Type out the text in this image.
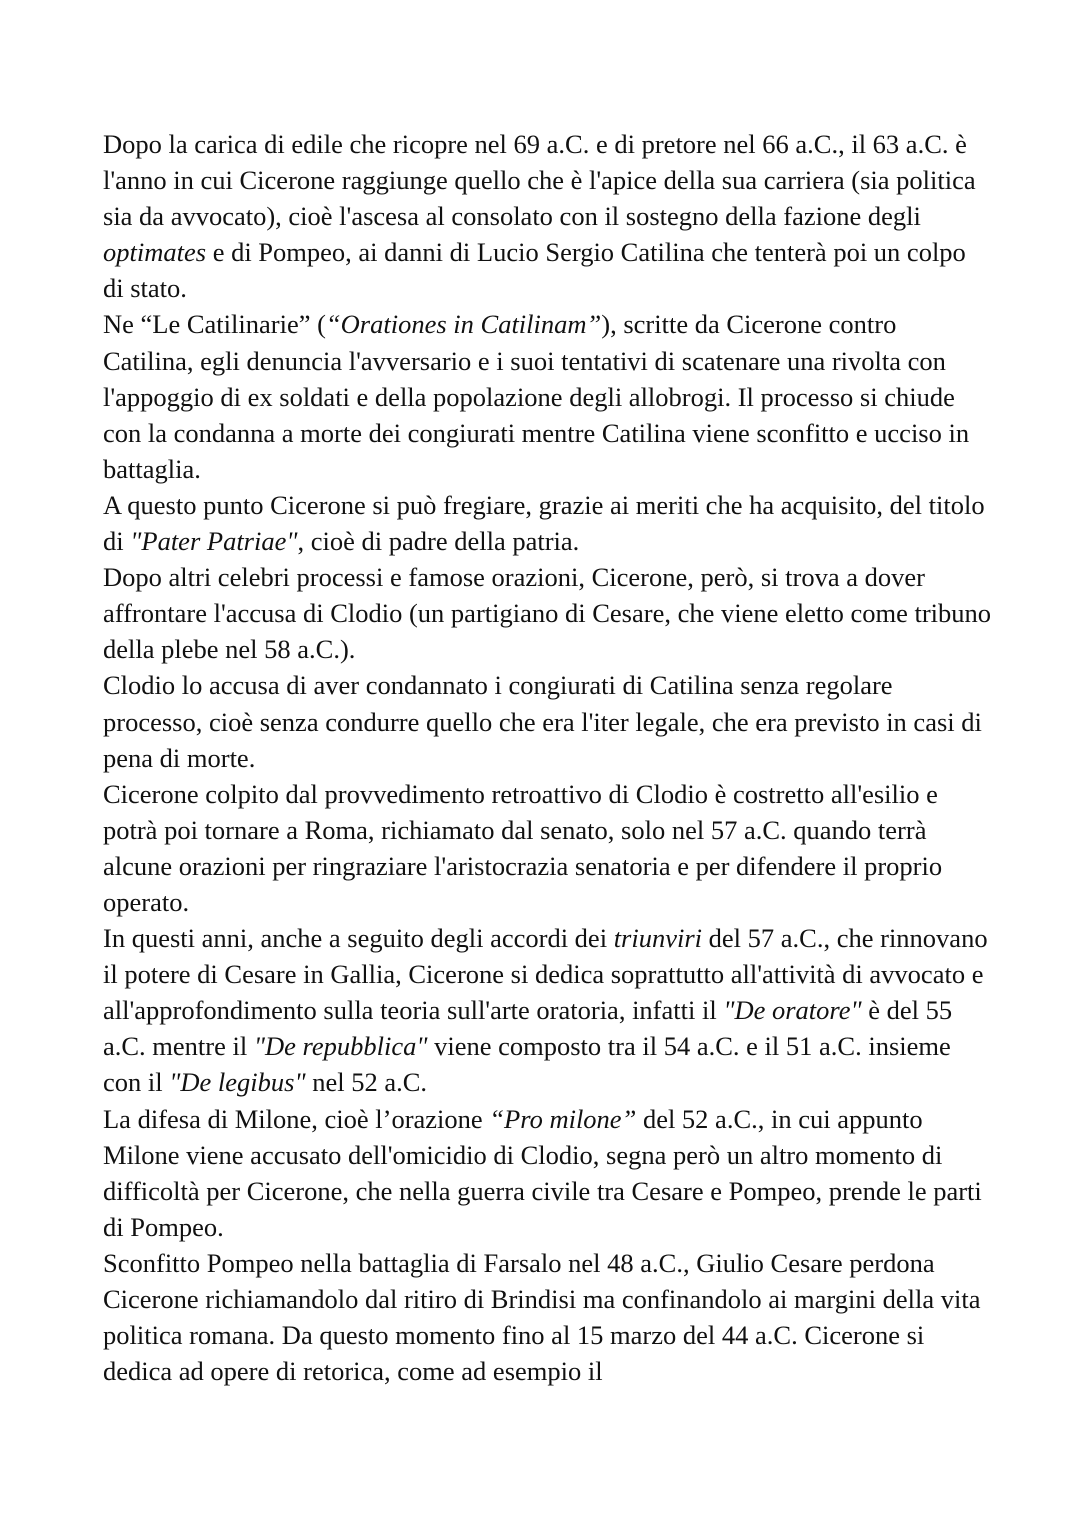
Dopo la carica di edile che ricopre nel 69 a.C. e di pretore nel 66 a.C., il 63 a.C. è l'anno in cui Cicerone raggiunge quello che è l'apice della sua carriera (sia politica sia da avvocato), cioè l'ascesa al consolato con il sostegno della fazione degli optimates e di Pompeo, ai danni di Lucio Sergio Catilina che tenterà poi un colpo di stato.

Ne “Le Catilinarie” (“Orationes in Catilinam”), scritte da Cicerone contro Catilina, egli denuncia l'avversario e i suoi tentativi di scatenare una rivolta con l'appoggio di ex soldati e della popolazione degli allobrogi. Il processo si chiude con la condanna a morte dei congiurati mentre Catilina viene sconfitto e ucciso in battaglia.

A questo punto Cicerone si può fregiare, grazie ai meriti che ha acquisito, del titolo di "Pater Patriae", cioè di padre della patria.

Dopo altri celebri processi e famose orazioni, Cicerone, però, si trova a dover affrontare l'accusa di Clodio (un partigiano di Cesare, che viene eletto come tribuno della plebe nel 58 a.C.).

Clodio lo accusa di aver condannato i congiurati di Catilina senza regolare processo, cioè senza condurre quello che era l'iter legale, che era previsto in casi di pena di morte.

Cicerone colpito dal provvedimento retroattivo di Clodio è costretto all'esilio e potrà poi tornare a Roma, richiamato dal senato, solo nel 57 a.C. quando terrà alcune orazioni per ringraziare l'aristocrazia senatoria e per difendere il proprio operato.

In questi anni, anche a seguito degli accordi dei triunviri del 57 a.C., che rinnovano il potere di Cesare in Gallia, Cicerone si dedica soprattutto all'attività di avvocato e all'approfondimento sulla teoria sull'arte oratoria, infatti il "De oratore" è del 55 a.C. mentre il "De repubblica" viene composto tra il 54 a.C. e il 51 a.C. insieme con il "De legibus" nel 52 a.C.

La difesa di Milone, cioè l’orazione “Pro milone” del 52 a.C., in cui appunto Milone viene accusato dell'omicidio di Clodio, segna però un altro momento di difficoltà per Cicerone, che nella guerra civile tra Cesare e Pompeo, prende le parti di Pompeo.

Sconfitto Pompeo nella battaglia di Farsalo nel 48 a.C., Giulio Cesare perdona Cicerone richiamandolo dal ritiro di Brindisi ma confinandolo ai margini della vita politica romana. Da questo momento fino al 15 marzo del 44 a.C. Cicerone si dedica ad opere di retorica, come ad esempio il
